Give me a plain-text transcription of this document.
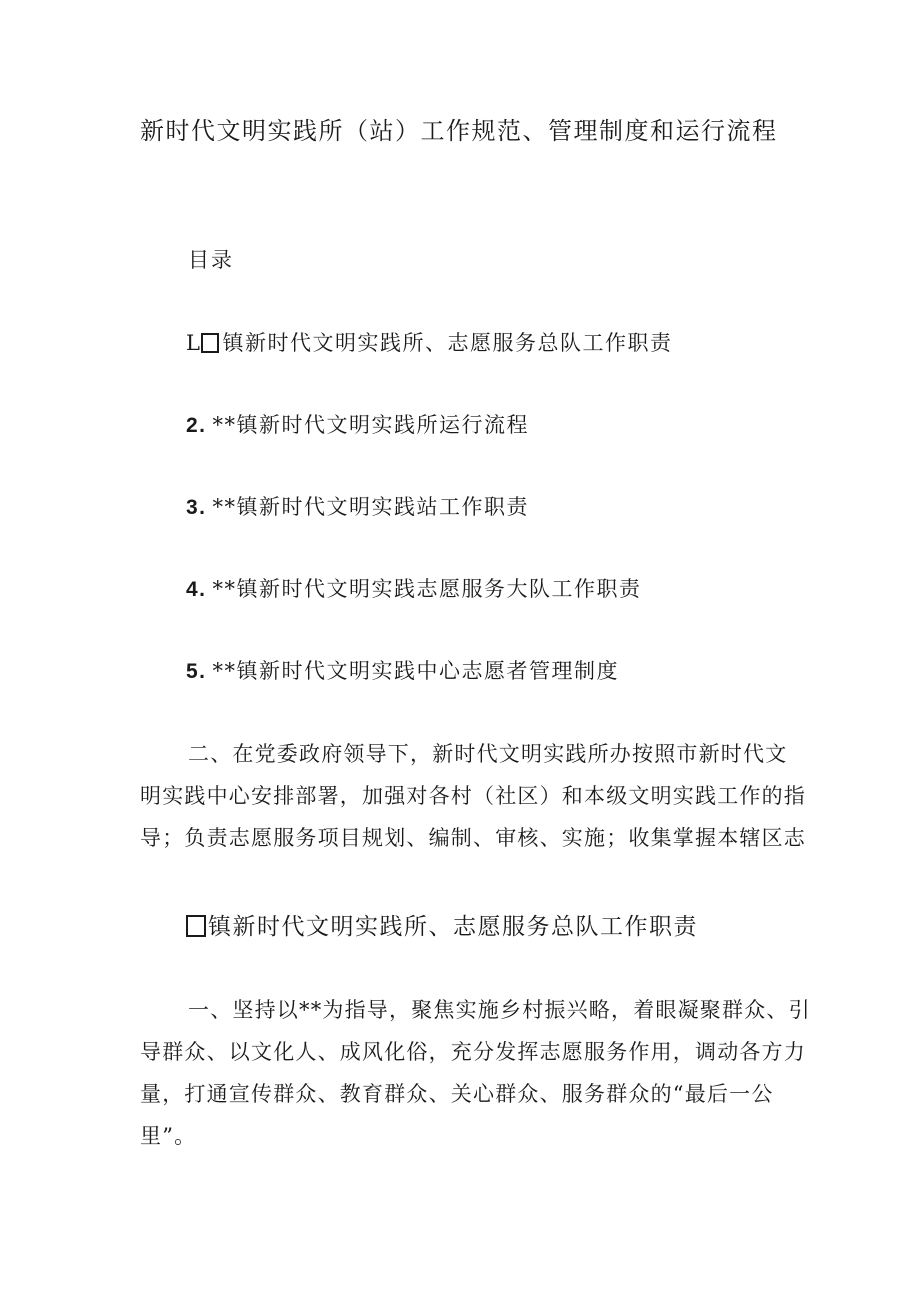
新时代文明实践所（站）工作规范、管理制度和运行流程
目录
L 镇新时代文明实践所、志愿服务总队工作职责
2. **镇新时代文明实践所运行流程
3. **镇新时代文明实践站工作职责
4. **镇新时代文明实践志愿服务大队工作职责
5. **镇新时代文明实践中心志愿者管理制度
二、在党委政府领导下，新时代文明实践所办按照市新时代文
明实践中心安排部署，加强对各村（社区）和本级文明实践工作的指
导；负责志愿服务项目规划、编制、审核、实施；收集掌握本辖区志
镇新时代文明实践所、志愿服务总队工作职责
一、坚持以**为指导，聚焦实施乡村振兴略，着眼凝聚群众、引
导群众、以文化人、成风化俗，充分发挥志愿服务作用，调动各方力
量，打通宣传群众、教育群众、关心群众、服务群众的“最后一公
里”。
